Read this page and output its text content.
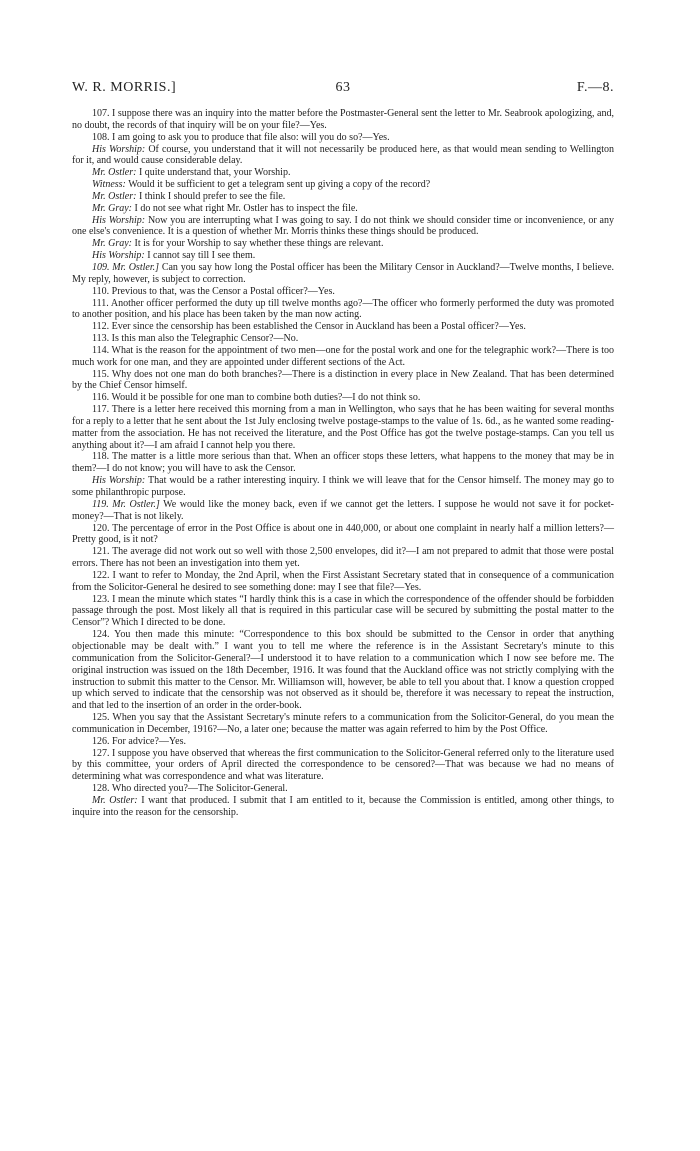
W. R. MORRIS.]	63	F.—8.

107. I suppose there was an inquiry into the matter before the Postmaster-General sent the letter to Mr. Seabrook apologizing, and, no doubt, the records of that inquiry will be on your file?—Yes.

108. I am going to ask you to produce that file also: will you do so?—Yes.

His Worship: Of course, you understand that it will not necessarily be produced here, as that would mean sending to Wellington for it, and would cause considerable delay.

Mr. Ostler: I quite understand that, your Worship.

Witness: Would it be sufficient to get a telegram sent up giving a copy of the record?

Mr. Ostler: I think I should prefer to see the file.

Mr. Gray: I do not see what right Mr. Ostler has to inspect the file.

His Worship: Now you are interrupting what I was going to say. I do not think we should consider time or inconvenience, or any one else's convenience. It is a question of whether Mr. Morris thinks these things should be produced.

Mr. Gray: It is for your Worship to say whether these things are relevant.

His Worship: I cannot say till I see them.

109. Mr. Ostler.] Can you say how long the Postal officer has been the Military Censor in Auckland?—Twelve months, I believe. My reply, however, is subject to correction.

110. Previous to that, was the Censor a Postal officer?—Yes.

111. Another officer performed the duty up till twelve months ago?—The officer who formerly performed the duty was promoted to another position, and his place has been taken by the man now acting.

112. Ever since the censorship has been established the Censor in Auckland has been a Postal officer?—Yes.

113. Is this man also the Telegraphic Censor?—No.

114. What is the reason for the appointment of two men—one for the postal work and one for the telegraphic work?—There is too much work for one man, and they are appointed under different sections of the Act.

115. Why does not one man do both branches?—There is a distinction in every place in New Zealand. That has been determined by the Chief Censor himself.

116. Would it be possible for one man to combine both duties?—I do not think so.

117. There is a letter here received this morning from a man in Wellington, who says that he has been waiting for several months for a reply to a letter that he sent about the 1st July enclosing twelve postage-stamps to the value of 1s. 6d., as he wanted some reading-matter from the association. He has not received the literature, and the Post Office has got the twelve postage-stamps. Can you tell us anything about it?—I am afraid I cannot help you there.

118. The matter is a little more serious than that. When an officer stops these letters, what happens to the money that may be in them?—I do not know; you will have to ask the Censor.

His Worship: That would be a rather interesting inquiry. I think we will leave that for the Censor himself. The money may go to some philanthropic purpose.

119. Mr. Ostler.] We would like the money back, even if we cannot get the letters. I suppose he would not save it for pocket-money?—That is not likely.

120. The percentage of error in the Post Office is about one in 440,000, or about one complaint in nearly half a million letters?—Pretty good, is it not?

121. The average did not work out so well with those 2,500 envelopes, did it?—I am not prepared to admit that those were postal errors. There has not been an investigation into them yet.

122. I want to refer to Monday, the 2nd April, when the First Assistant Secretary stated that in consequence of a communication from the Solicitor-General he desired to see something done: may I see that file?—Yes.

123. I mean the minute which states “I hardly think this is a case in which the correspondence of the offender should be forbidden passage through the post. Most likely all that is required in this particular case will be secured by submitting the postal matter to the Censor”? Which I directed to be done.

124. You then made this minute: “Correspondence to this box should be submitted to the Censor in order that anything objectionable may be dealt with.” I want you to tell me where the reference is in the Assistant Secretary's minute to this communication from the Solicitor-General?—I understood it to have relation to a communication which I now see before me. The original instruction was issued on the 18th December, 1916. It was found that the Auckland office was not strictly complying with the instruction to submit this matter to the Censor. Mr. Williamson will, however, be able to tell you about that. I know a question cropped up which served to indicate that the censorship was not observed as it should be, therefore it was necessary to repeat the instruction, and that led to the insertion of an order in the order-book.

125. When you say that the Assistant Secretary's minute refers to a communication from the Solicitor-General, do you mean the communication in December, 1916?—No, a later one; because the matter was again referred to him by the Post Office.

126. For advice?—Yes.

127. I suppose you have observed that whereas the first communication to the Solicitor-General referred only to the literature used by this committee, your orders of April directed the correspondence to be censored?—That was because we had no means of determining what was correspondence and what was literature.

128. Who directed you?—The Solicitor-General.

Mr. Ostler: I want that produced. I submit that I am entitled to it, because the Commission is entitled, among other things, to inquire into the reason for the censorship.
